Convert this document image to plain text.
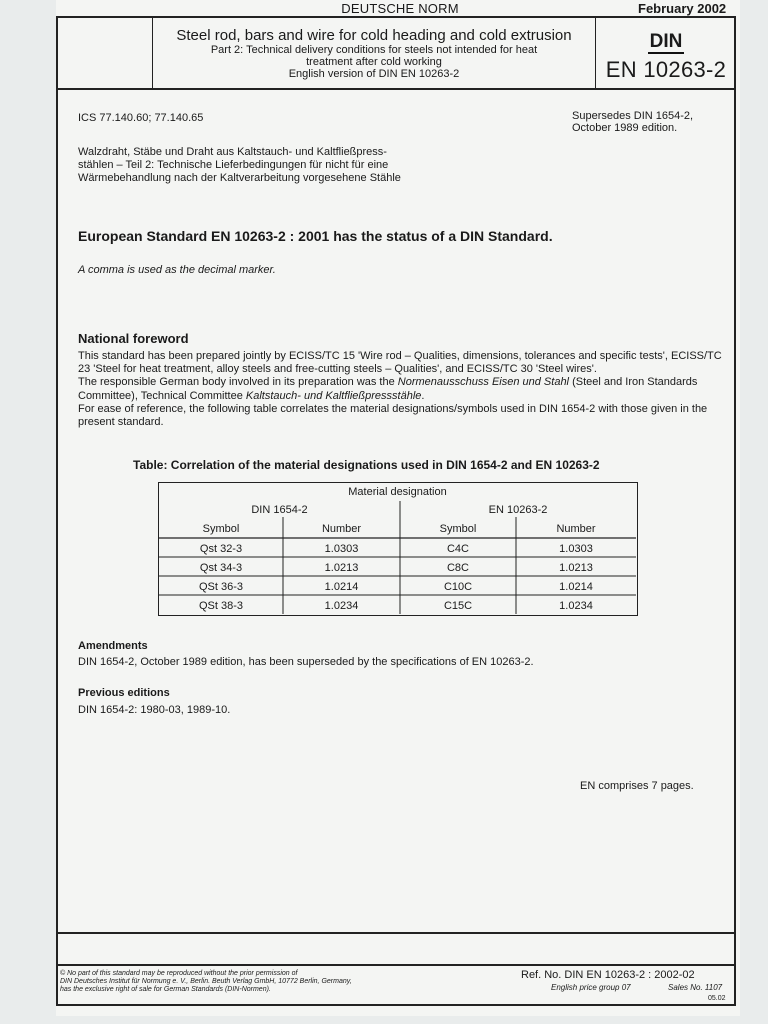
DEUTSCHE NORM	February 2002
Steel rod, bars and wire for cold heading and cold extrusion
Part 2: Technical delivery conditions for steels not intended for heat
treatment after cold working
English version of DIN EN 10263-2
DIN
EN 10263-2
ICS 77.140.60; 77.140.65	Supersedes DIN 1654-2,
October 1989 edition.
Walzdraht, Stäbe und Draht aus Kaltstauch- und Kaltfließpress-
stählen – Teil 2: Technische Lieferbedingungen für nicht für eine
Wärmebehandlung nach der Kaltverarbeitung vorgesehene Stähle
European Standard EN 10263-2 : 2001 has the status of a DIN Standard.
A comma is used as the decimal marker.
National foreword

This standard has been prepared jointly by ECISS/TC 15 'Wire rod – Qualities, dimensions, tolerances and specific tests', ECISS/TC 23 'Steel for heat treatment, alloy steels and free-cutting steels – Qualities', and ECISS/TC 30 'Steel wires'.

The responsible German body involved in its preparation was the Normenausschuss Eisen und Stahl (Steel and Iron Standards Committee), Technical Committee Kaltstauch- und Kaltfließpressstähle.

For ease of reference, the following table correlates the material designations/symbols used in DIN 1654-2 with those given in the present standard.

Table: Correlation of the material designations used in DIN 1654-2 and EN 10263-2
Material designation
DIN 1654-2	EN 10263-2
Symbol	Number	Symbol	Number
Qst 32-3	1.0303	C4C	1.0303
Qst 34-3	1.0213	C8C	1.0213
QSt 36-3	1.0214	C10C	1.0214
QSt 38-3	1.0234	C15C	1.0234
Amendments
DIN 1654-2, October 1989 edition, has been superseded by the specifications of EN 10263-2.
Previous editions
DIN 1654-2: 1980-03, 1989-10.
EN comprises 7 pages.
© No part of this standard may be reproduced without the prior permission of
DIN Deutsches Institut für Normung e. V., Berlin. Beuth Verlag GmbH, 10772 Berlin, Germany,
has the exclusive right of sale for German Standards (DIN-Normen).
Ref. No. DIN EN 10263-2 : 2002-02
English price group 07	Sales No. 1107
05.02
